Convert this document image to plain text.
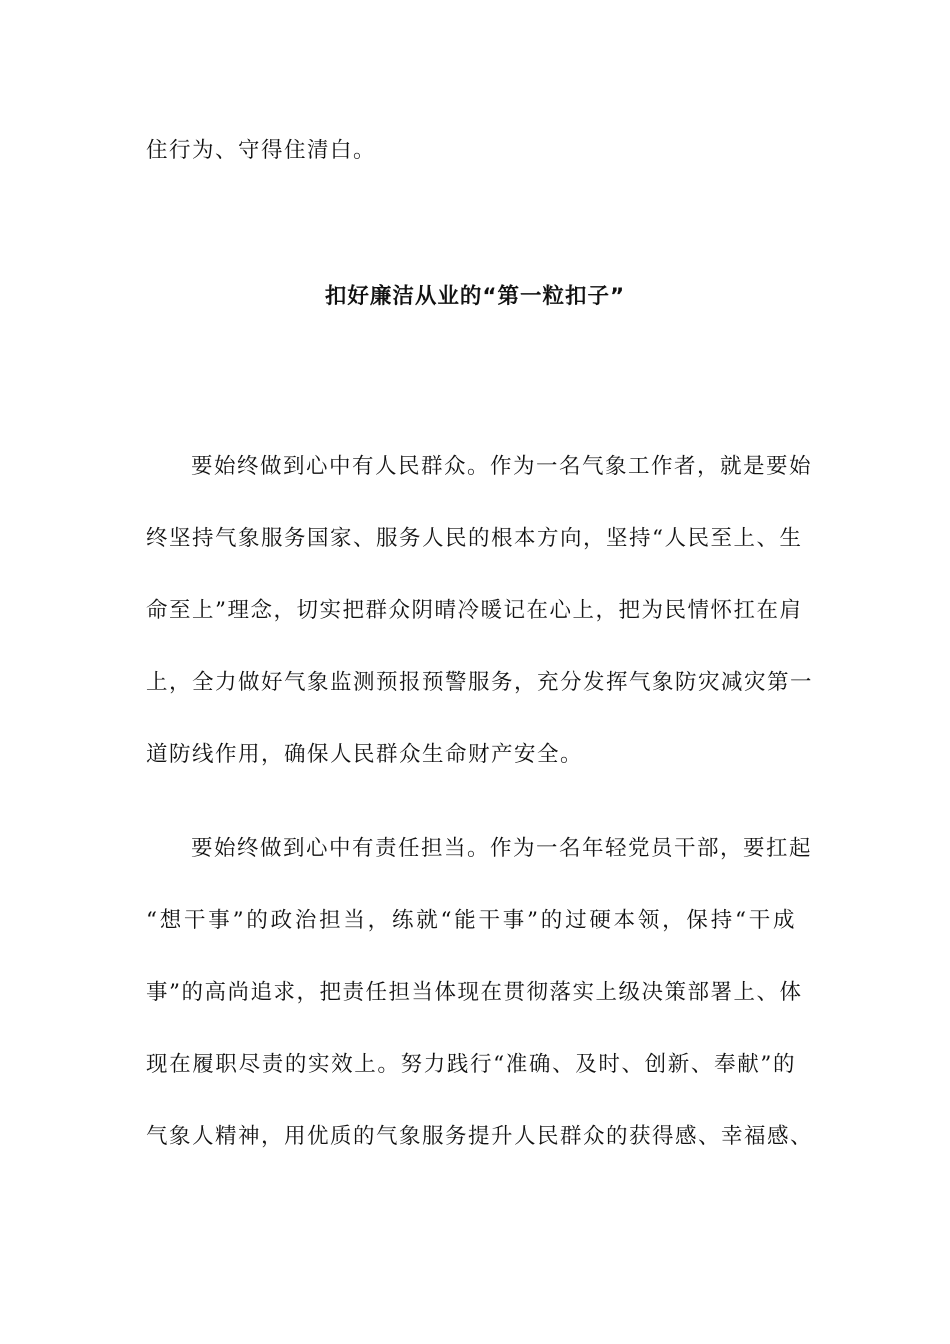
住行为、守得住清白。
扣好廉洁从业的“第一粒扣子”
要始终做到心中有人民群众。作为一名气象工作者，就是要始
终坚持气象服务国家、服务人民的根本方向，坚持“人民至上、生
命至上”理念，切实把群众阴晴冷暖记在心上，把为民情怀扛在肩
上，全力做好气象监测预报预警服务，充分发挥气象防灾减灾第一
道防线作用，确保人民群众生命财产安全。
要始终做到心中有责任担当。作为一名年轻党员干部，要扛起
“想干事”的政治担当，练就“能干事”的过硬本领，保持“干成
事”的高尚追求，把责任担当体现在贯彻落实上级决策部署上、体
现在履职尽责的实效上。努力践行“准确、及时、创新、奉献”的
气象人精神，用优质的气象服务提升人民群众的获得感、幸福感、
